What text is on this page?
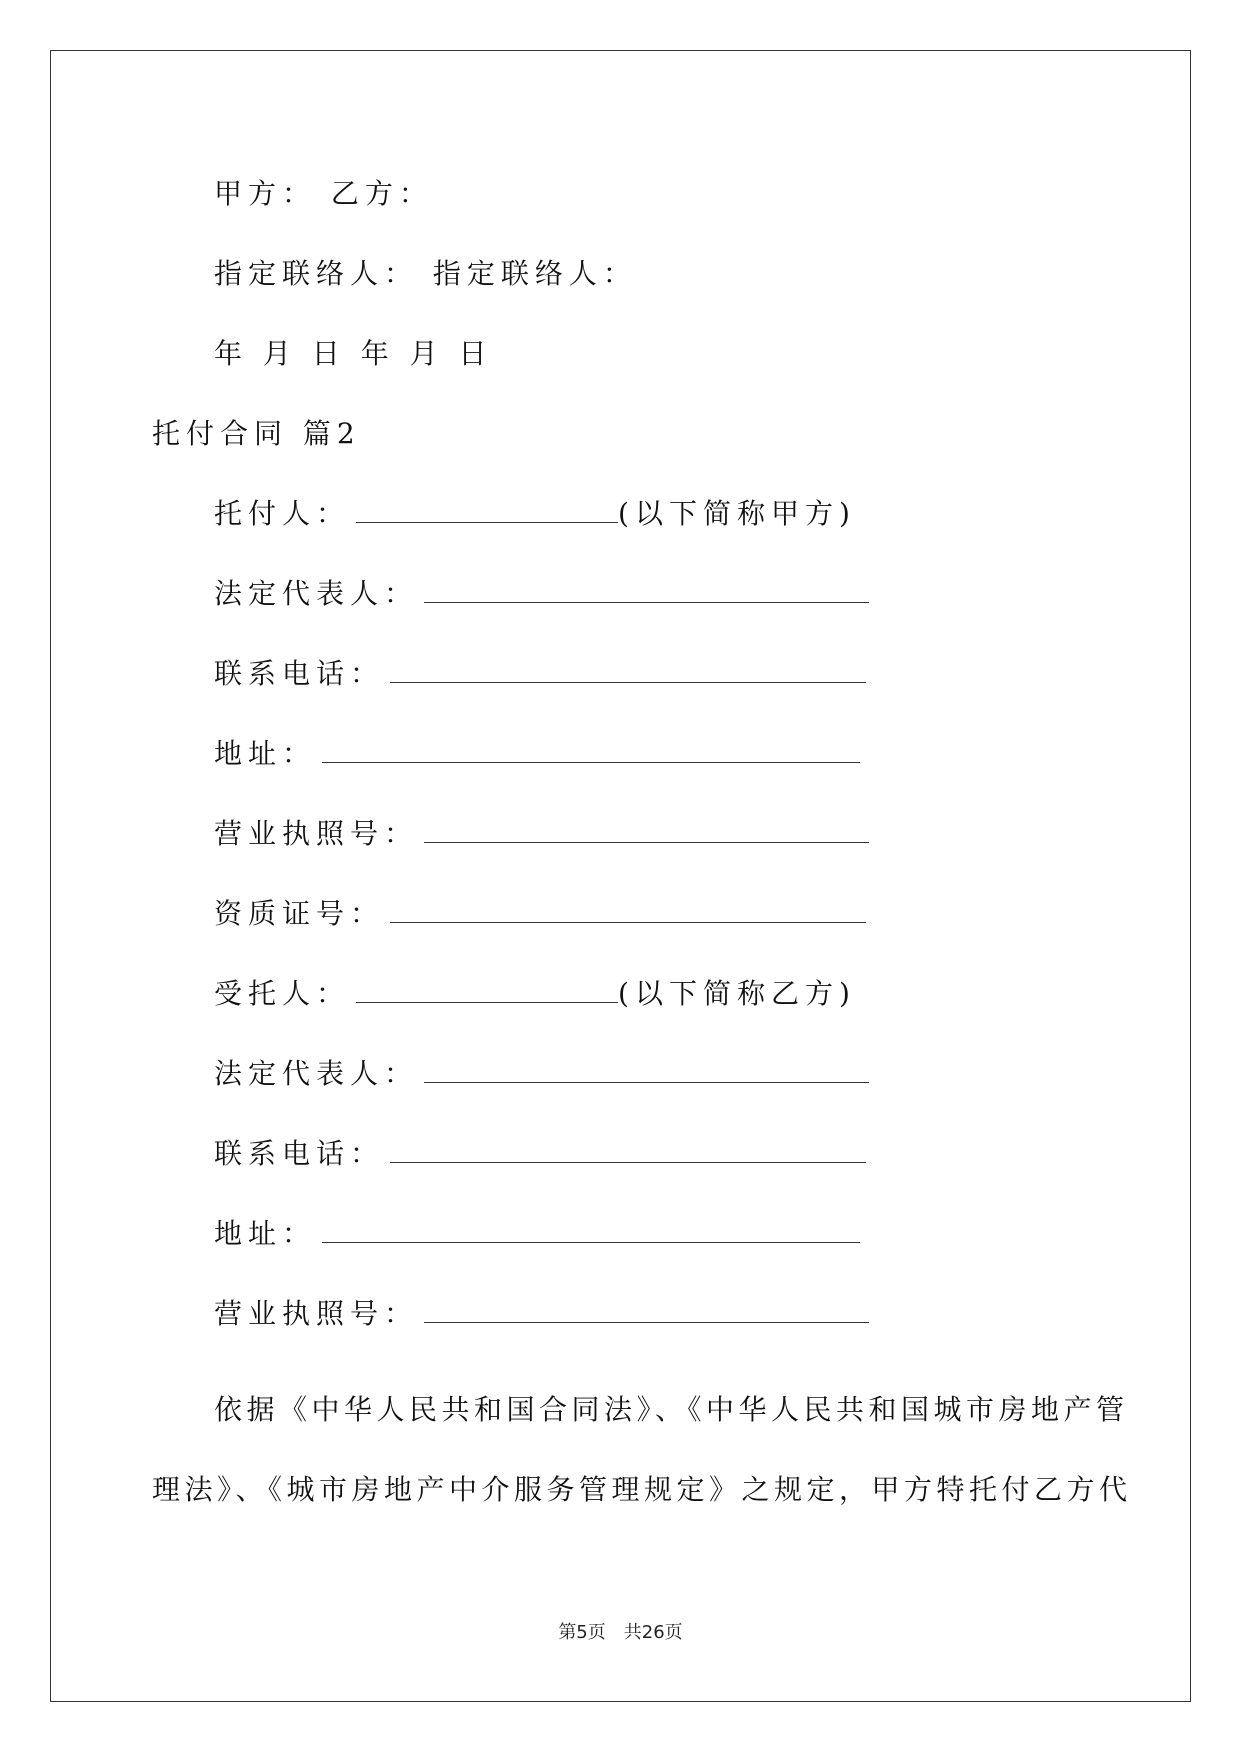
甲方： 乙方：
指定联络人： 指定联络人：
年 月 日 年 月 日
托付合同 篇2
托付人：	(以下简称甲方)
法定代表人：
联系电话：
地址：
营业执照号：
资质证号：
受托人：	(以下简称乙方)
法定代表人：
联系电话：
地址：
营业执照号：
依据《中华人民共和国合同法》、《中华人民共和国城市房地产管
理法》、《城市房地产中介服务管理规定》之规定，甲方特托付乙方代
第5页 共26页
